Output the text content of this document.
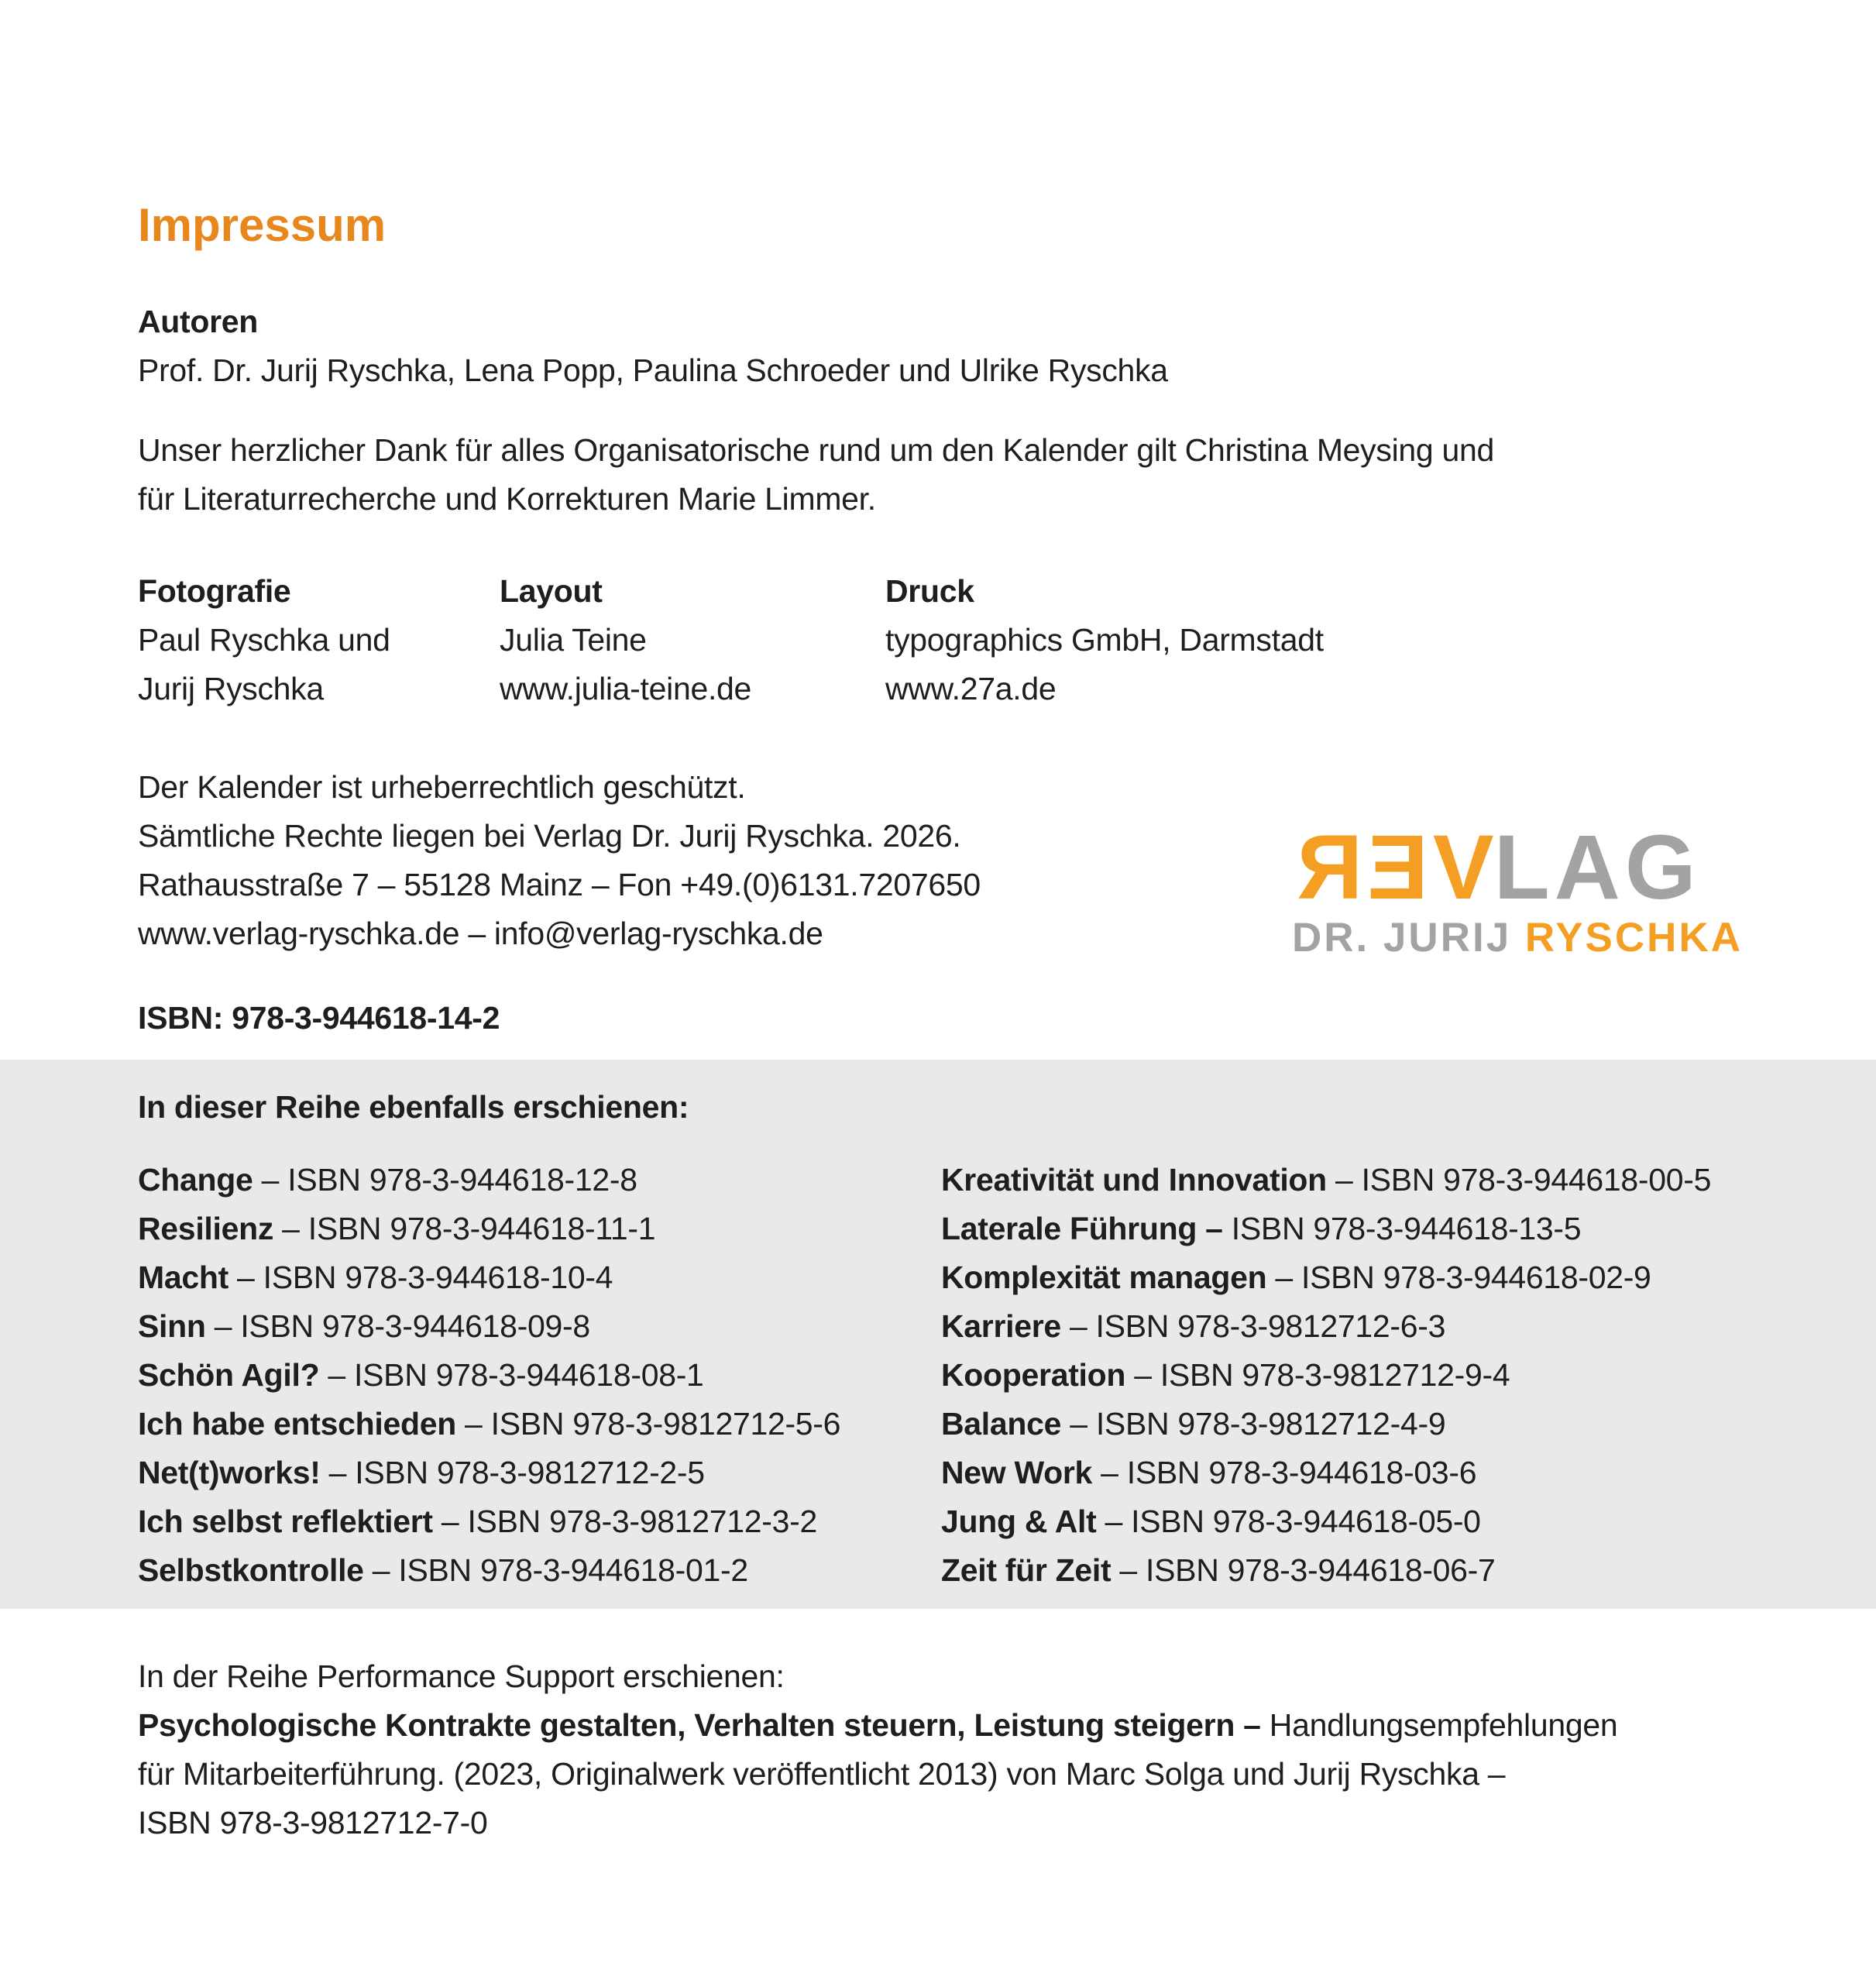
Impressum
Autoren
Prof. Dr. Jurij Ryschka, Lena Popp, Paulina Schroeder und Ulrike Ryschka
Unser herzlicher Dank für alles Organisatorische rund um den Kalender gilt Christina Meysing und
für Literaturrecherche und Korrekturen Marie Limmer.
Fotografie
Paul Ryschka und
Jurij Ryschka
Layout
Julia Teine
www.julia-teine.de
Druck
typographics GmbH, Darmstadt
www.27a.de
Der Kalender ist urheberrechtlich geschützt.
Sämtliche Rechte liegen bei Verlag Dr. Jurij Ryschka. 2026.
Rathausstraße 7 – 55128 Mainz – Fon +49.(0)6131.7207650
www.verlag-ryschka.de – info@verlag-ryschka.de
VERLAG
DR. JURIJ RYSCHKA
ISBN: 978-3-944618-14-2
In dieser Reihe ebenfalls erschienen:
Change – ISBN 978-3-944618-12-8
Resilienz – ISBN 978-3-944618-11-1
Macht – ISBN 978-3-944618-10-4
Sinn – ISBN 978-3-944618-09-8
Schön Agil? – ISBN 978-3-944618-08-1
Ich habe entschieden – ISBN 978-3-9812712-5-6
Net(t)works! – ISBN 978-3-9812712-2-5
Ich selbst reflektiert – ISBN 978-3-9812712-3-2
Selbstkontrolle – ISBN 978-3-944618-01-2
Kreativität und Innovation – ISBN 978-3-944618-00-5
Laterale Führung – ISBN 978-3-944618-13-5
Komplexität managen – ISBN 978-3-944618-02-9
Karriere – ISBN 978-3-9812712-6-3
Kooperation – ISBN 978-3-9812712-9-4
Balance – ISBN 978-3-9812712-4-9
New Work – ISBN 978-3-944618-03-6
Jung & Alt – ISBN 978-3-944618-05-0
Zeit für Zeit – ISBN 978-3-944618-06-7
In der Reihe Performance Support erschienen:
Psychologische Kontrakte gestalten, Verhalten steuern, Leistung steigern – Handlungsempfehlungen
für Mitarbeiterführung. (2023, Originalwerk veröffentlicht 2013) von Marc Solga und Jurij Ryschka –
ISBN 978-3-9812712-7-0
